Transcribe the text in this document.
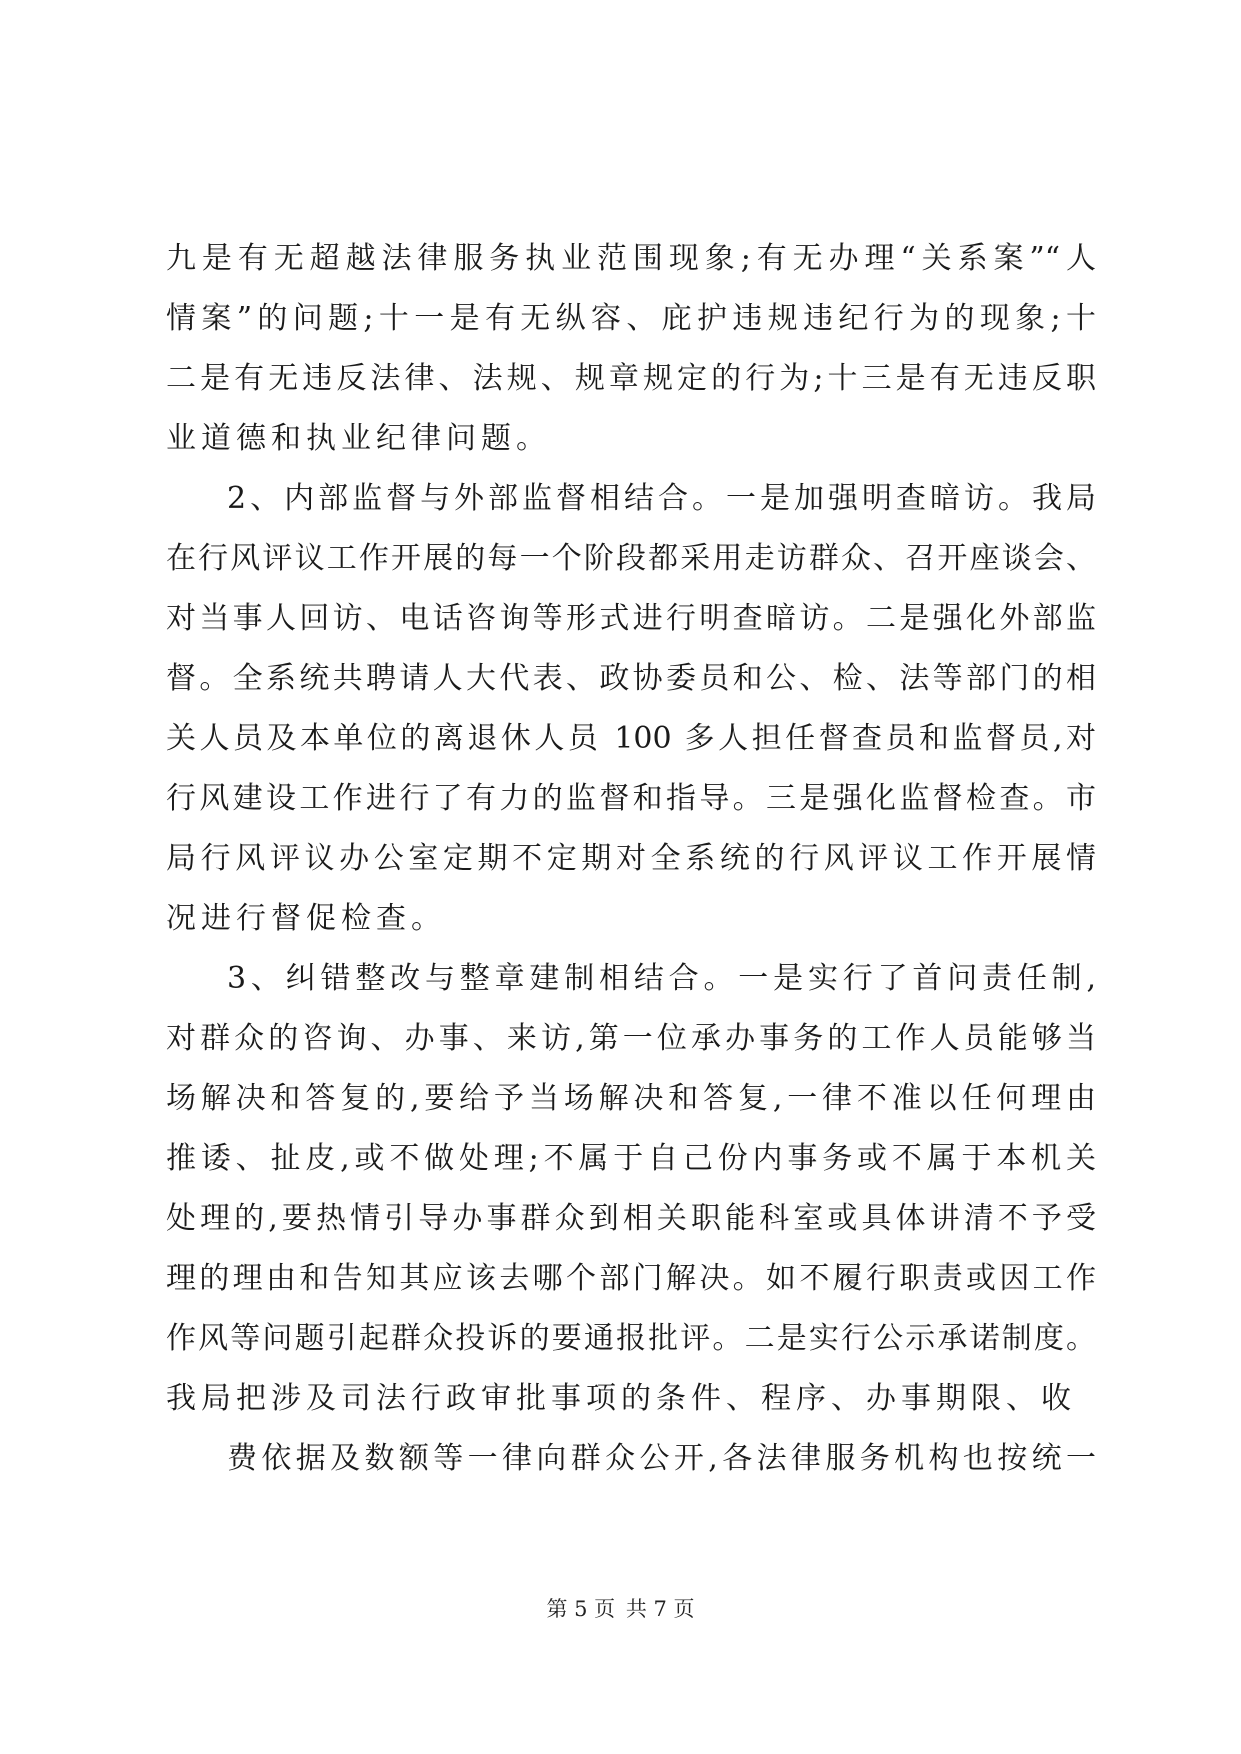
九是有无超越法律服务执业范围现象;有无办理“关系案”“人
情案”的问题;十一是有无纵容、庇护违规违纪行为的现象;十
二是有无违反法律、法规、规章规定的行为;十三是有无违反职
业道德和执业纪律问题。
2、内部监督与外部监督相结合。一是加强明查暗访。我局
在行风评议工作开展的每一个阶段都采用走访群众、召开座谈会、
对当事人回访、电话咨询等形式进行明查暗访。二是强化外部监
督。全系统共聘请人大代表、政协委员和公、检、法等部门的相
关人员及本单位的离退休人员 100 多人担任督查员和监督员,对
行风建设工作进行了有力的监督和指导。三是强化监督检查。市
局行风评议办公室定期不定期对全系统的行风评议工作开展情
况进行督促检查。
3、纠错整改与整章建制相结合。一是实行了首问责任制,
对群众的咨询、办事、来访,第一位承办事务的工作人员能够当
场解决和答复的,要给予当场解决和答复,一律不准以任何理由
推诿、扯皮,或不做处理;不属于自己份内事务或不属于本机关
处理的,要热情引导办事群众到相关职能科室或具体讲清不予受
理的理由和告知其应该去哪个部门解决。如不履行职责或因工作
作风等问题引起群众投诉的要通报批评。二是实行公示承诺制度。
我局把涉及司法行政审批事项的条件、程序、办事期限、收
费依据及数额等一律向群众公开,各法律服务机构也按统一
第 5 页 共 7 页
